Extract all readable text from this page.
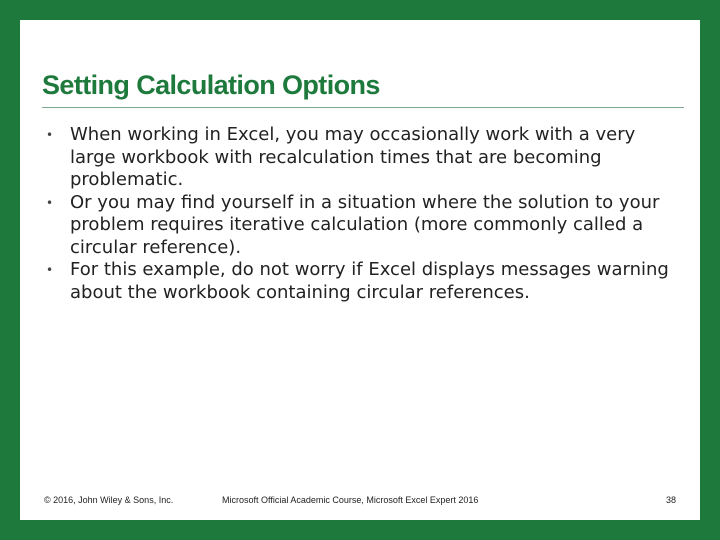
Setting Calculation Options
• When working in Excel, you may occasionally work with a very large workbook with recalculation times that are becoming problematic.
• Or you may find yourself in a situation where the solution to your problem requires iterative calculation (more commonly called a circular reference).
• For this example, do not worry if Excel displays messages warning about the workbook containing circular references.
© 2016, John Wiley & Sons, Inc.	Microsoft Official Academic Course, Microsoft Excel Expert 2016	38
